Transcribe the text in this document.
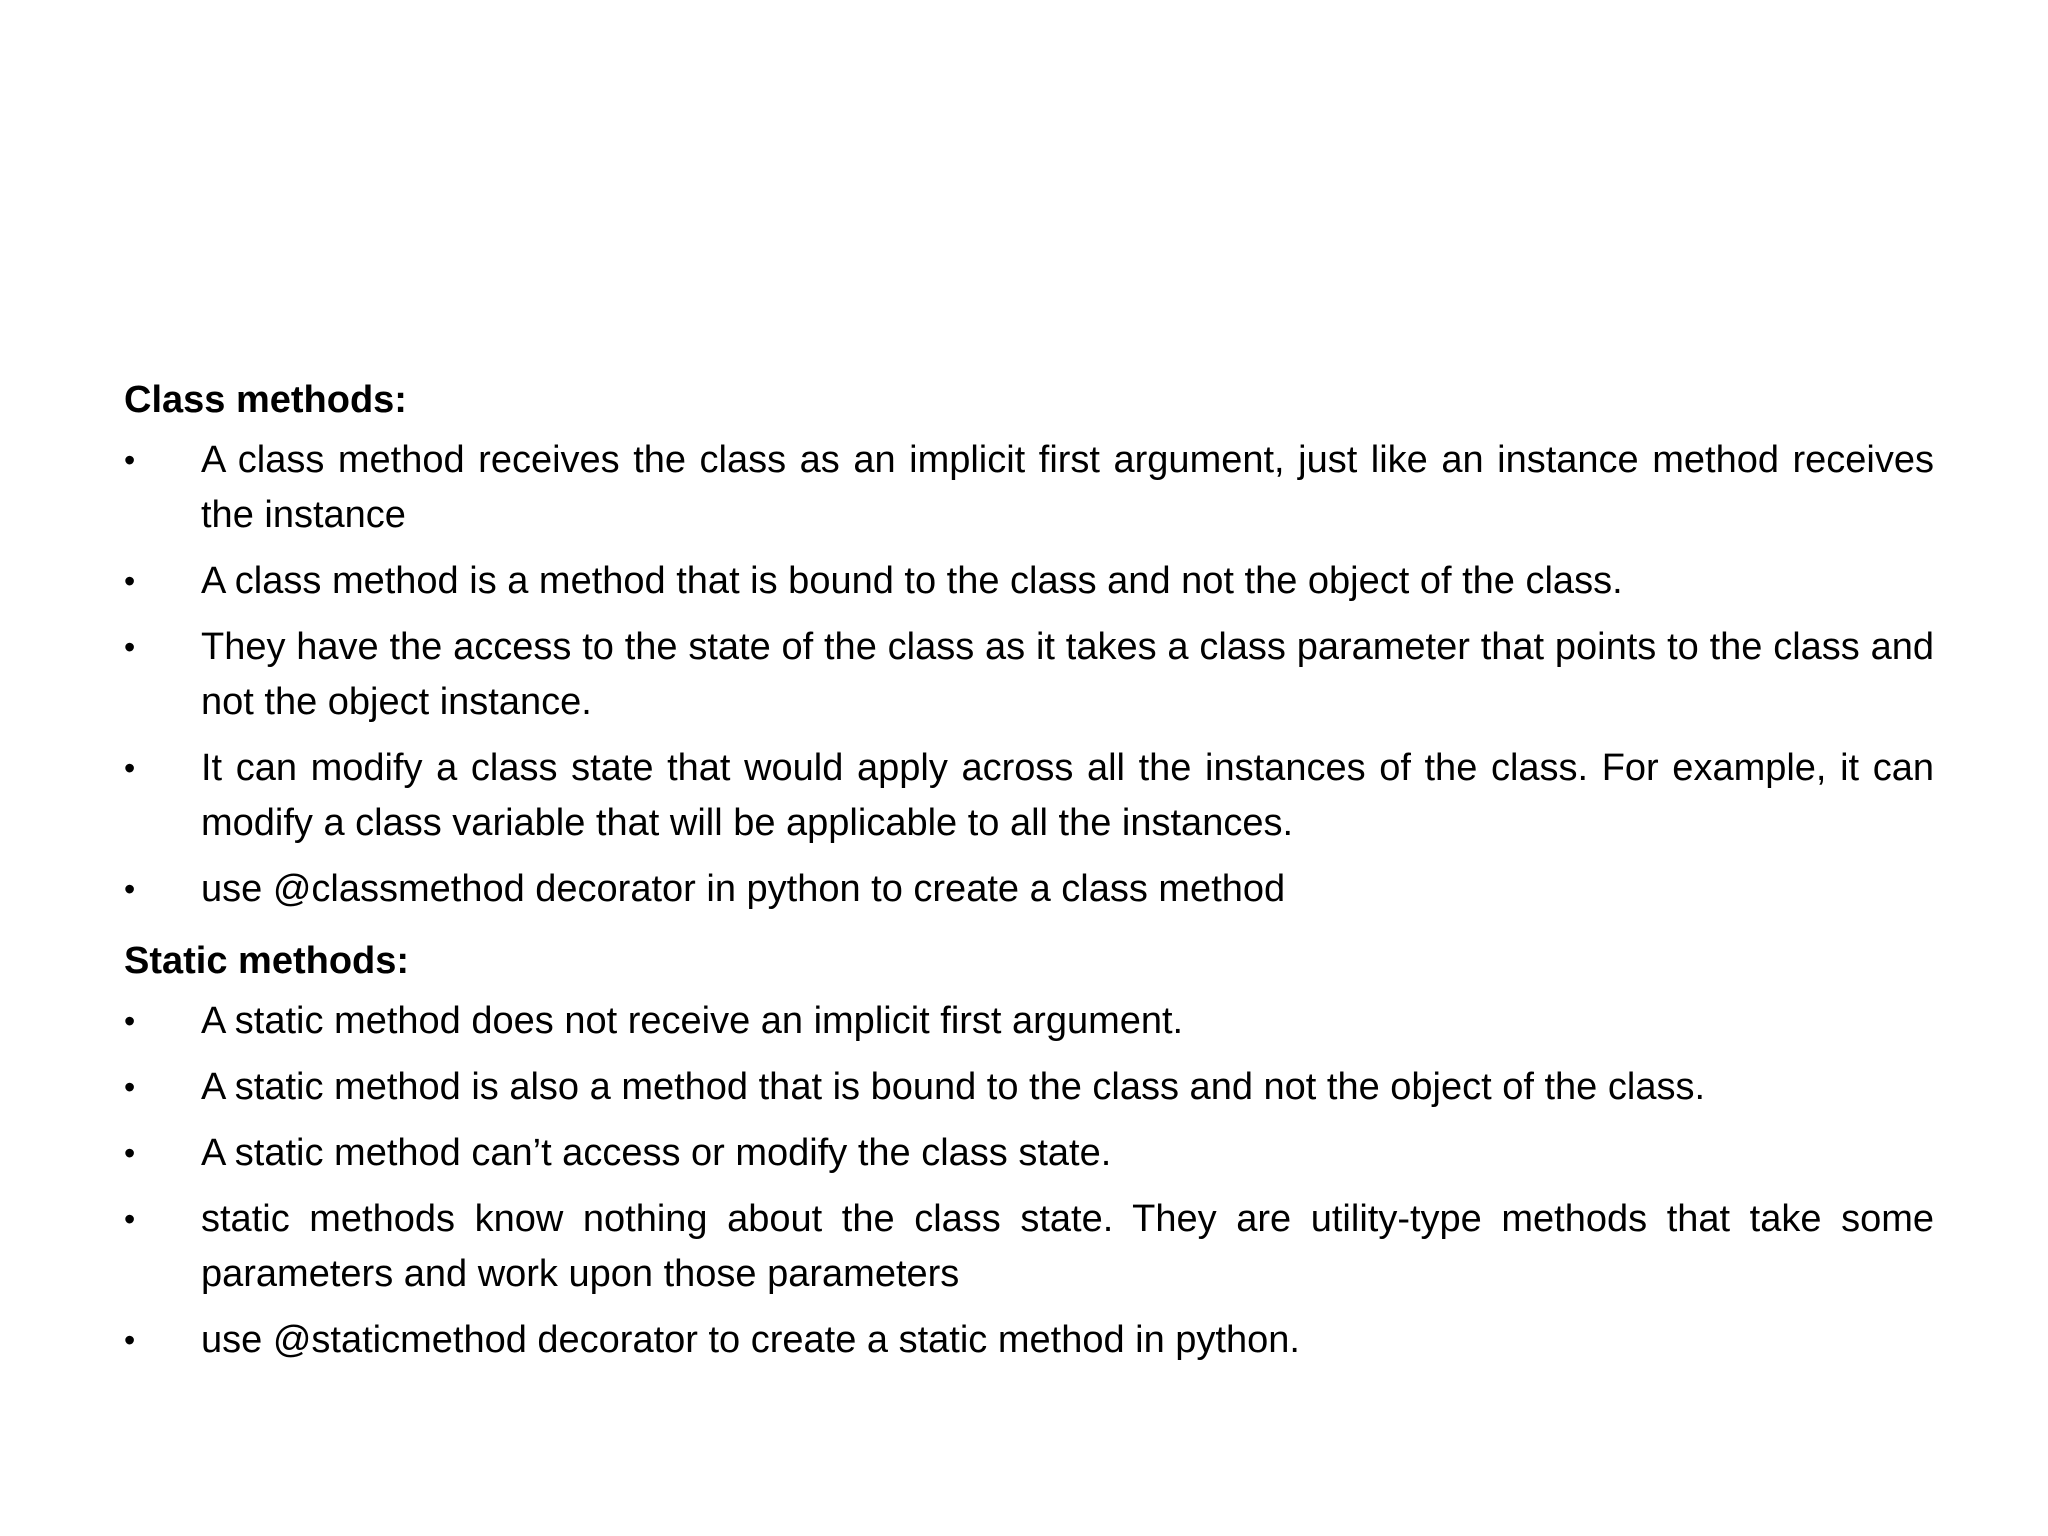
Class methods:
•	A class method receives the class as an implicit first argument, just like an instance method receives the instance
•	A class method is a method that is bound to the class and not the object of the class.
•	They have the access to the state of the class as it takes a class parameter that points to the class and not the object instance.
•	It can modify a class state that would apply across all the instances of the class. For example, it can modify a class variable that will be applicable to all the instances.
•	use @classmethod decorator in python to create a class method
Static methods:
•	A static method does not receive an implicit first argument.
•	A static method is also a method that is bound to the class and not the object of the class.
•	A static method can’t access or modify the class state.
•	static methods know nothing about the class state. They are utility-type methods that take some parameters and work upon those parameters
•	use @staticmethod decorator to create a static method in python.
